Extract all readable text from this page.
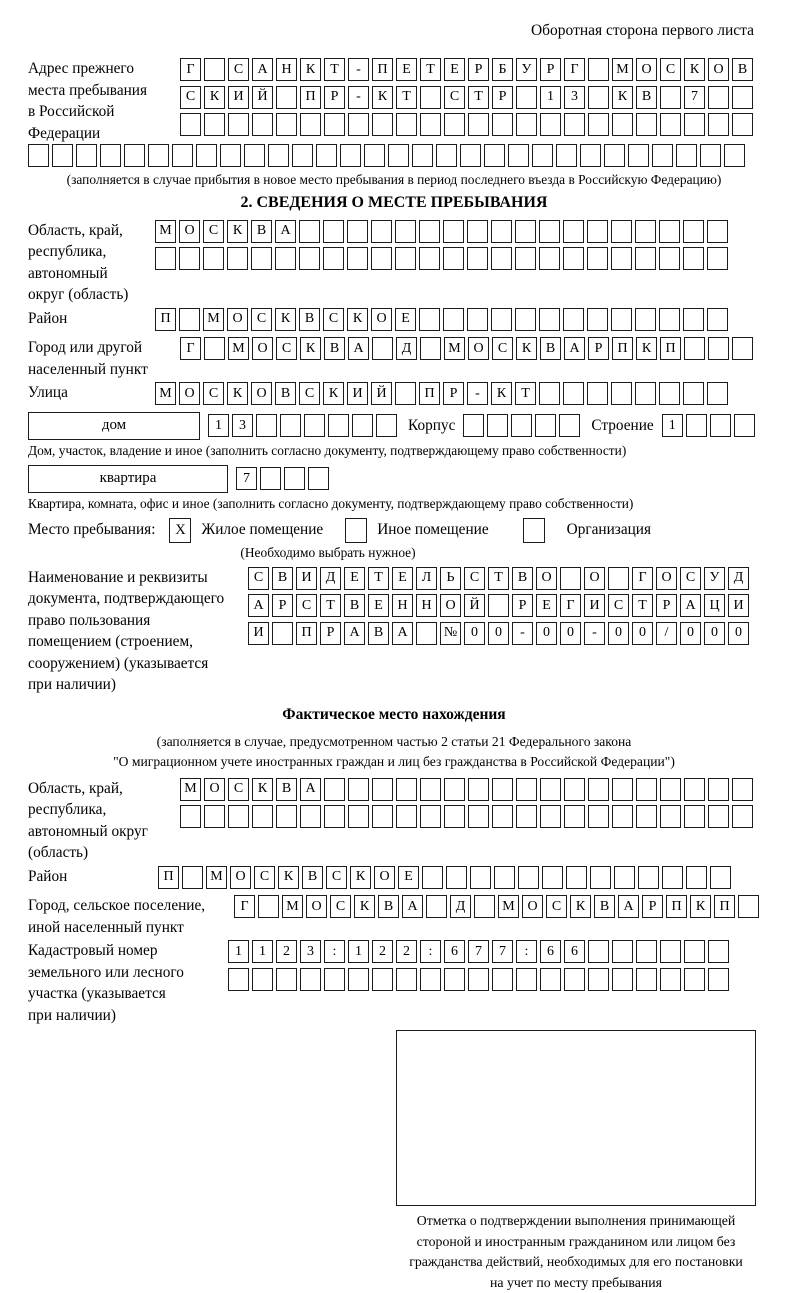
Оборотная сторона первого листа
Адрес прежнего
места пребывания
в Российской
Федерации
Г	С	А Н	К	Т	-	П	Е	Т	Е	Р	Б	У	Р	Г	М О	С	К	О	В
С	К	И Й	П	Р	-	К	Т	С	Т	Р	1	3	К	В	7
(заполняется в случае прибытия в новое место пребывания в период последнего въезда в Российскую Федерацию)
2. СВЕДЕНИЯ О МЕСТЕ ПРЕБЫВАНИЯ
Область, край,
республика,
автономный
округ (область)
М О	С	К	В	А
Район	П	М О	С	К	В	С	К	О	Е
Город или другой
населенный пункт
Г	М О	С	К	В	А	Д	М О	С	К	В	А	Р	П	К	П
Улица	М О	С	К	О	В	С	К	И Й	П	Р	-	К	Т
дом	1	3	Корпус	Строение	1
Дом, участок, владение и иное (заполнить согласно документу, подтверждающему право собственности)
квартира	7
Квартира, комната, офис и иное (заполнить согласно документу, подтверждающему право собственности)
Место пребывания:	X	Жилое помещение	Иное помещение	Организация
(Необходимо выбрать нужное)
Наименование и реквизиты
документа, подтверждающего
право пользования
помещением (строением,
сооружением) (указывается
при наличии)
С	В	И	Д	Е	Т	Е	Л	Ь	С	Т	В	О	О	Г	О	С	У	Д
А	Р	С	Т	В	Е	Н Н О Й	Р	Е	Г	И	С	Т	Р	А Ц И
И	П	Р	А	В	А	№ 0	0	-	0	0	-	0	0	/	0	0	0
Фактическое место нахождения
(заполняется в случае, предусмотренном частью 2 статьи 21 Федерального закона
"О миграционном учете иностранных граждан и лиц без гражданства в Российской Федерации")
Область, край,
республика,
автономный округ
(область)
М О	С	К	В	А
Район	П	М О	С	К	В	С	К	О	Е
Город, сельское поселение,
иной населенный пункт
Г	М О	С	К	В	А	Д	М О	С	К	В	А	Р	П	К	П
Кадастровый номер
земельного или лесного
участка (указывается
при наличии)
1	1	2	3	:	1	2	2	:	6	7	7	:	6	6
Отметка о подтверждении выполнения принимающей
стороной и иностранным гражданином или лицом без
гражданства действий, необходимых для его постановки
на учет по месту пребывания
